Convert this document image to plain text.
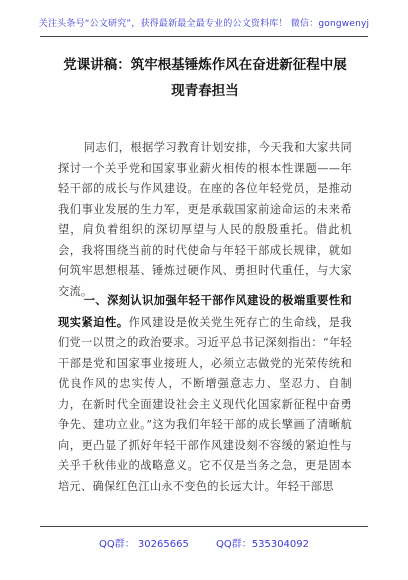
关注头条号“公文研究”，获得最新最全最专业的公文资料库！ 微信：gongwenyj
党课讲稿：筑牢根基锤炼作风在奋进新征程中展现青春担当

同志们，根据学习教育计划安排，今天我和大家共同探讨一个关乎党和国家事业薪火相传的根本性课题——年轻干部的成长与作风建设。在座的各位年轻党员，是推动我们事业发展的生力军，更是承载国家前途命运的未来希望，肩负着组织的深切厚望与人民的殷殷重托。借此机会，我将围绕当前的时代使命与年轻干部成长规律，就如何筑牢思想根基、锤炼过硬作风、勇担时代重任，与大家交流。

一、深刻认识加强年轻干部作风建设的极端重要性和现实紧迫性。作风建设是攸关党生死存亡的生命线，是我们党一以贯之的政治要求。习近平总书记深刻指出：“年轻干部是党和国家事业接班人，必须立志做党的光荣传统和优良作风的忠实传人，不断增强意志力、坚忍力、自制力，在新时代全面建设社会主义现代化国家新征程中奋勇争先、建功立业。”这为我们年轻干部的成长擘画了清晰航向，更凸显了抓好年轻干部作风建设刻不容缓的紧迫性与关乎千秋伟业的战略意义。它不仅是当务之急，更是固本培元、确保红色江山永不变色的长远大计。年轻干部思

QQ群： 30265665	QQ群：535304092
